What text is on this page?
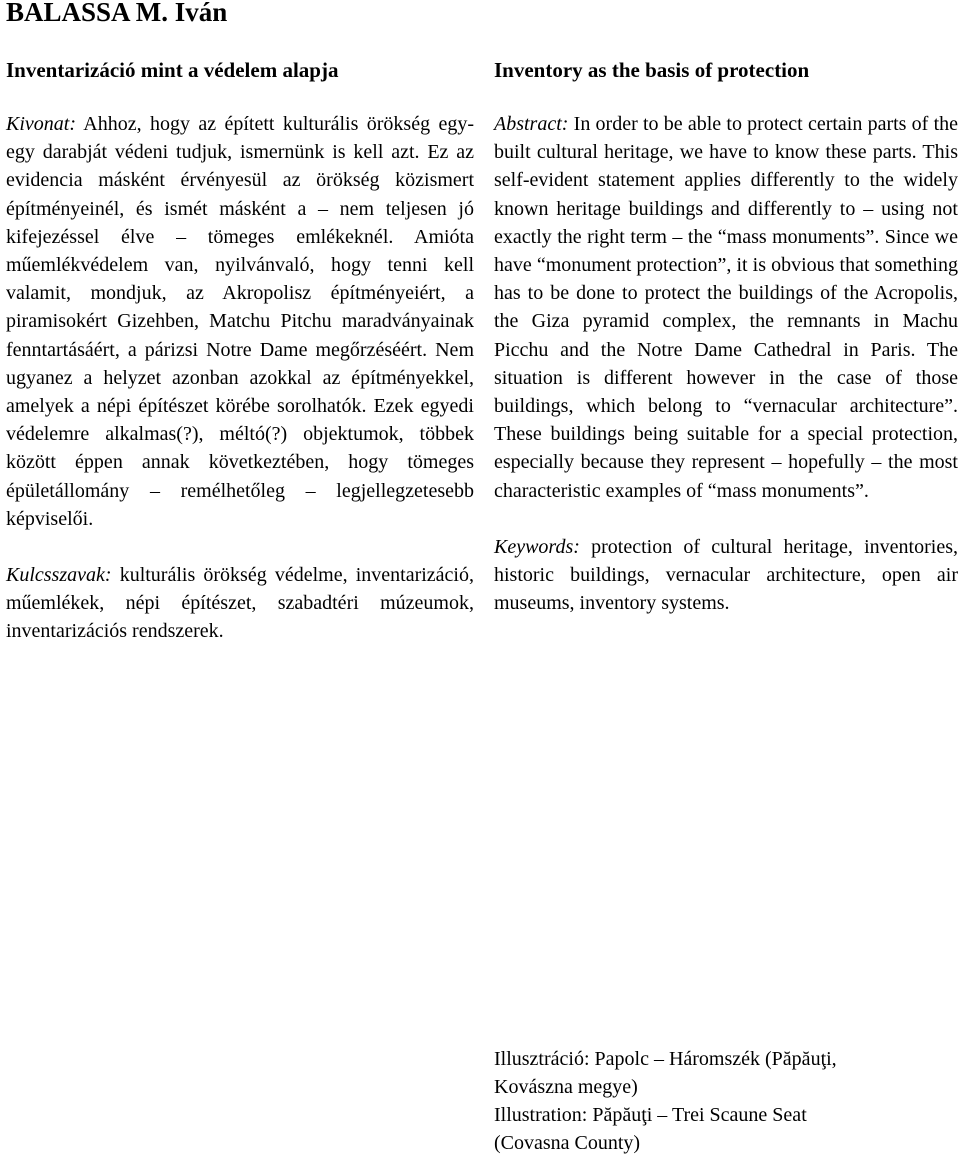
BALASSA M. Iván
Inventarizáció mint a védelem alapja

Kivonat: Ahhoz, hogy az épített kulturális örökség egy-egy darabját védeni tudjuk, ismernünk is kell azt. Ez az evidencia másként érvényesül az örökség közismert építményeinél, és ismét másként a – nem teljesen jó kifejezéssel élve – tömeges emlékeknél. Amióta műemlékvédelem van, nyilvánvaló, hogy tenni kell valamit, mondjuk, az Akropolisz építményeiért, a piramisokért Gizehben, Matchu Pitchu maradványainak fenntartásáért, a párizsi Notre Dame megőrzéséért. Nem ugyanez a helyzet azonban azokkal az építményekkel, amelyek a népi építészet körébe sorolhatók. Ezek egyedi védelemre alkalmas(?), méltó(?) objektumok, többek között éppen annak következtében, hogy tömeges épületállomány – remélhetőleg – legjellegzetesebb képviselői.

Kulcsszavak: kulturális örökség védelme, inventarizáció, műemlékek, népi építészet, szabadtéri múzeumok, inventarizációs rendszerek.

Inventory as the basis of protection

Abstract: In order to be able to protect certain parts of the built cultural heritage, we have to know these parts. This self-evident statement applies differently to the widely known heritage buildings and differently to – using not exactly the right term – the “mass monuments”. Since we have “monument protection”, it is obvious that something has to be done to protect the buildings of the Acropolis, the Giza pyramid complex, the remnants in Machu Picchu and the Notre Dame Cathedral in Paris. The situation is different however in the case of those buildings, which belong to “vernacular architecture”. These buildings being suitable for a special protection, especially because they represent – hopefully – the most characteristic examples of “mass monuments”.

Keywords: protection of cultural heritage, inventories, historic buildings, vernacular architecture, open air museums, inventory systems.

Illusztráció: Papolc – Háromszék (Păpăuţi,
Kovászna megye)
Illustration: Păpăuţi – Trei Scaune Seat
(Covasna County)
